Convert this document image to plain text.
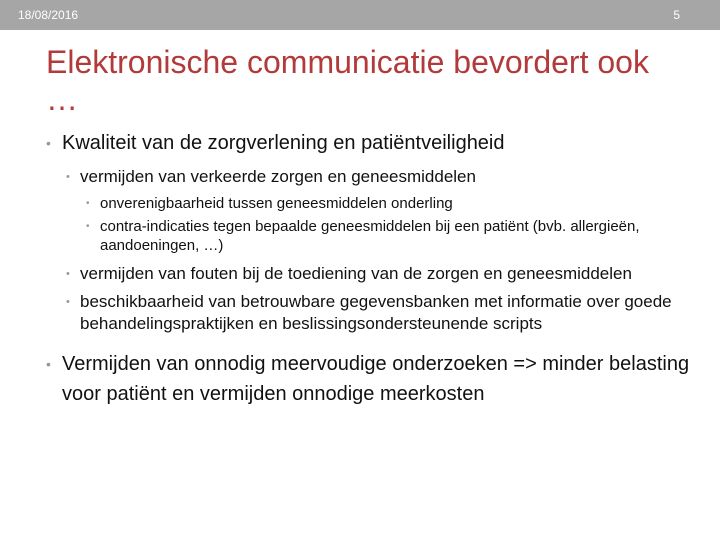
18/08/2016	5
Elektronische communicatie bevordert ook …
• Kwaliteit van de zorgverlening en patiëntveiligheid
• vermijden van verkeerde zorgen en geneesmiddelen
• onverenigbaarheid tussen geneesmiddelen onderling
• contra-indicaties tegen bepaalde geneesmiddelen bij een patiënt (bvb. allergieën, aandoeningen, …)
• vermijden van fouten bij de toediening van de zorgen en geneesmiddelen
• beschikbaarheid van betrouwbare gegevensbanken met informatie over goede behandelingspraktijken en beslissingsondersteunende scripts
• Vermijden van onnodig meervoudige onderzoeken => minder belasting voor patiënt en vermijden onnodige meerkosten
